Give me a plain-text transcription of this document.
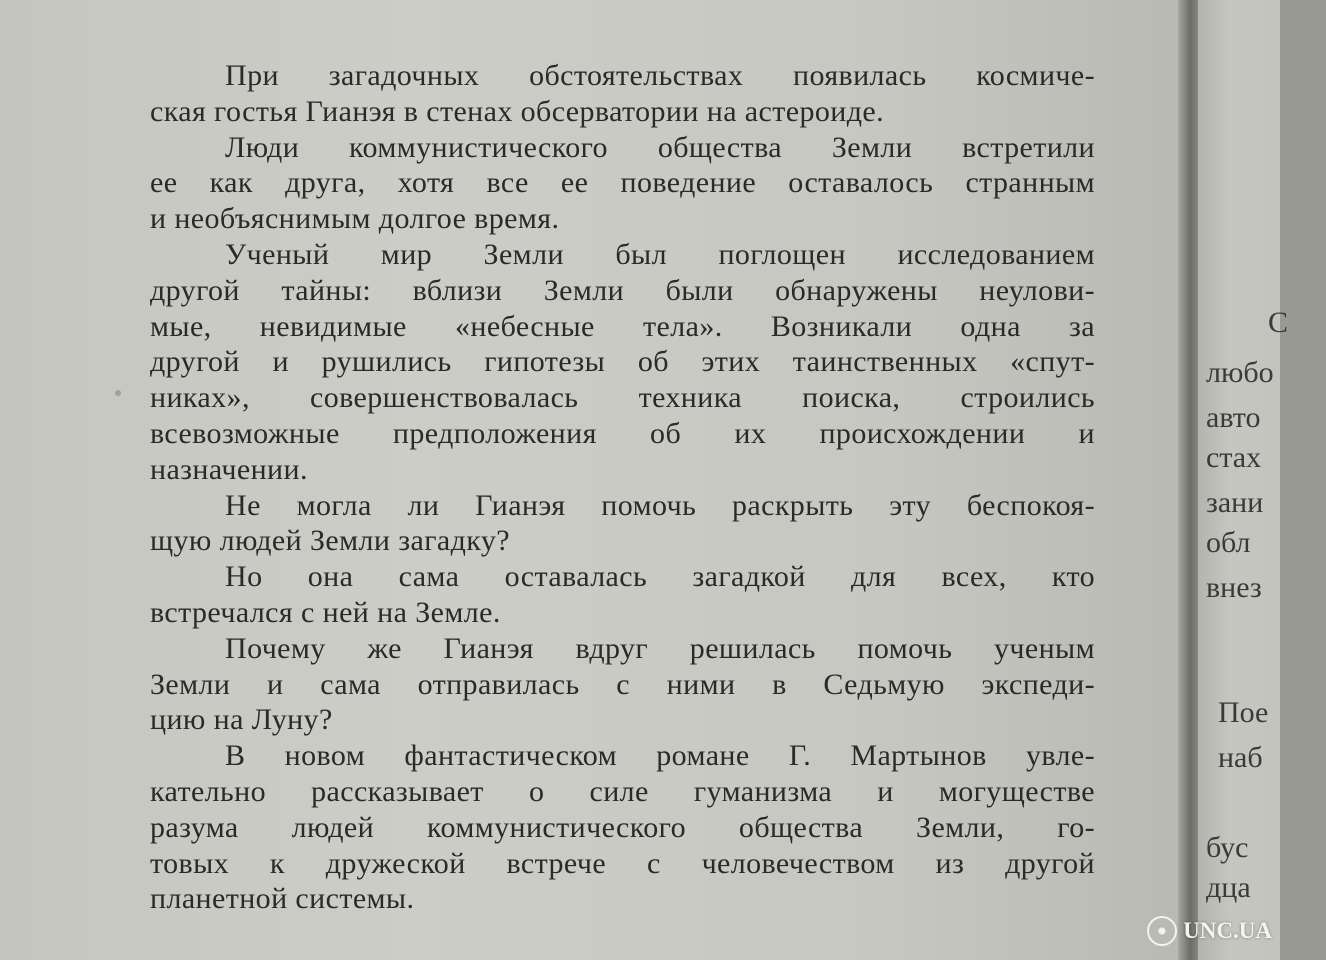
При загадочных обстоятельствах появилась космиче-
ская гостья Гианэя в стенах обсерватории на астероиде.
Люди коммунистического общества Земли встретили
ее как друга, хотя все ее поведение оставалось странным
и необъяснимым долгое время.
Ученый мир Земли был поглощен исследованием
другой тайны: вблизи Земли были обнаружены неулови-
мые, невидимые «небесные тела». Возникали одна за
другой и рушились гипотезы об этих таинственных «спут-
никах», совершенствовалась техника поиска, строились
всевозможные предположения об их происхождении и
назначении.
Не могла ли Гианэя помочь раскрыть эту беспокоя-
щую людей Земли загадку?
Но она сама оставалась загадкой для всех, кто
встречался с ней на Земле.
Почему же Гианэя вдруг решилась помочь ученым
Земли и сама отправилась с ними в Седьмую экспеди-
цию на Луну?
В новом фантастическом романе Г. Мартынов увле-
кательно рассказывает о силе гуманизма и могуществе
разума людей коммунистического общества Земли, го-
товых к дружеской встрече с человечеством из другой
планетной системы.
С
любо
авто
стах
зани
обл
внез
Пое
наб
бус
дца
UNC.UA
